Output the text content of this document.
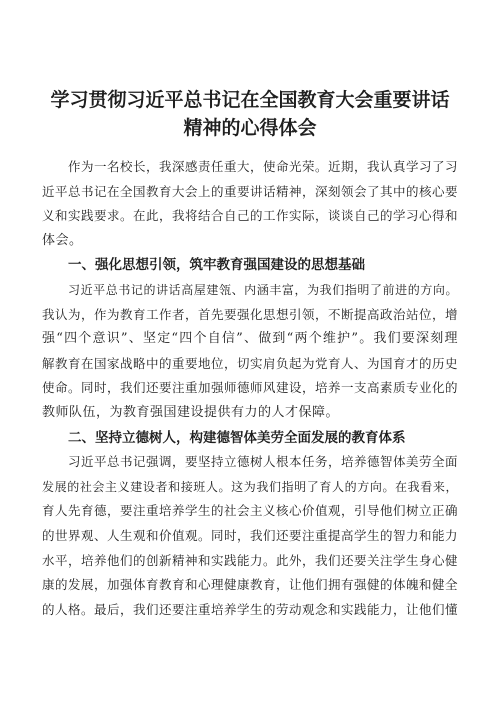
学习贯彻习近平总书记在全国教育大会重要讲话
精神的心得体会
作为一名校长，我深感责任重大，使命光荣。近期，我认真学习了习
近平总书记在全国教育大会上的重要讲话精神，深刻领会了其中的核心要
义和实践要求。在此，我将结合自己的工作实际，谈谈自己的学习心得和
体会。
一、强化思想引领，筑牢教育强国建设的思想基础
习近平总书记的讲话高屋建瓴、内涵丰富，为我们指明了前进的方向。
我认为，作为教育工作者，首先要强化思想引领，不断提高政治站位，增
强“四个意识”、坚定“四个自信”、做到“两个维护”。我们要深刻理
解教育在国家战略中的重要地位，切实肩负起为党育人、为国育才的历史
使命。同时，我们还要注重加强师德师风建设，培养一支高素质专业化的
教师队伍，为教育强国建设提供有力的人才保障。
二、坚持立德树人，构建德智体美劳全面发展的教育体系
习近平总书记强调，要坚持立德树人根本任务，培养德智体美劳全面
发展的社会主义建设者和接班人。这为我们指明了育人的方向。在我看来，
育人先育德，要注重培养学生的社会主义核心价值观，引导他们树立正确
的世界观、人生观和价值观。同时，我们还要注重提高学生的智力和能力
水平，培养他们的创新精神和实践能力。此外，我们还要关注学生身心健
康的发展，加强体育教育和心理健康教育，让他们拥有强健的体魄和健全
的人格。最后，我们还要注重培养学生的劳动观念和实践能力，让他们懂
